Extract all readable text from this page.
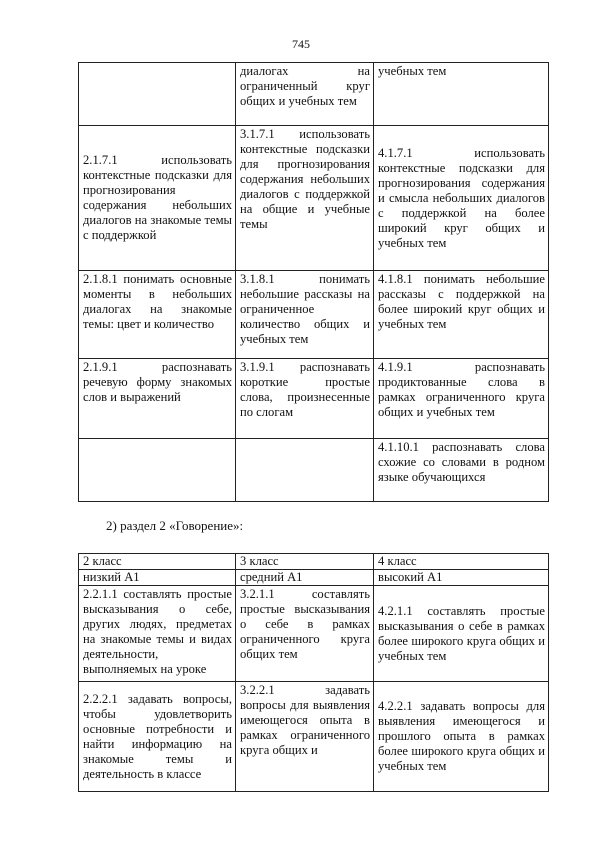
745
	диалогах на ограниченный круг общих и учебных тем	учебных тем
2.1.7.1 использовать контекстные подсказки для прогнозирования содержания небольших диалогов на знакомые темы с поддержкой	3.1.7.1 использовать контекстные подсказки для прогнозирования содержания небольших диалогов с поддержкой на общие и учебные темы	4.1.7.1 использовать контекстные подсказки для прогнозирования содержания и смысла небольших диалогов с поддержкой на более широкий круг общих и учебных тем
2.1.8.1 понимать основные моменты в небольших диалогах на знакомые темы: цвет и количество	3.1.8.1 понимать небольшие рассказы на ограниченное количество общих и учебных тем	4.1.8.1 понимать небольшие рассказы с поддержкой на более широкий круг общих и учебных тем
2.1.9.1 распознавать речевую форму знакомых слов и выражений	3.1.9.1 распознавать короткие простые слова, произнесенные по слогам	4.1.9.1 распознавать продиктованные слова в рамках ограниченного круга общих и учебных тем
		4.1.10.1 распознавать слова схожие со словами в родном языке обучающихся
2) раздел 2 «Говорение»:
2 класс	3 класс	4 класс
низкий А1	средний А1	высокий А1
2.2.1.1 составлять простые высказывания о себе, других людях, предметах на знакомые темы и видах деятельности, выполняемых на уроке	3.2.1.1 составлять простые высказывания о себе в рамках ограниченного круга общих тем	4.2.1.1 составлять простые высказывания о себе в рамках более широкого круга общих и учебных тем
2.2.2.1 задавать вопросы, чтобы удовлетворить основные потребности и найти информацию на знакомые темы и деятельность в классе	3.2.2.1 задавать вопросы для выявления имеющегося опыта в рамках ограниченного круга общих и	4.2.2.1 задавать вопросы для выявления имеющегося и прошлого опыта в рамках более широкого круга общих и учебных тем
